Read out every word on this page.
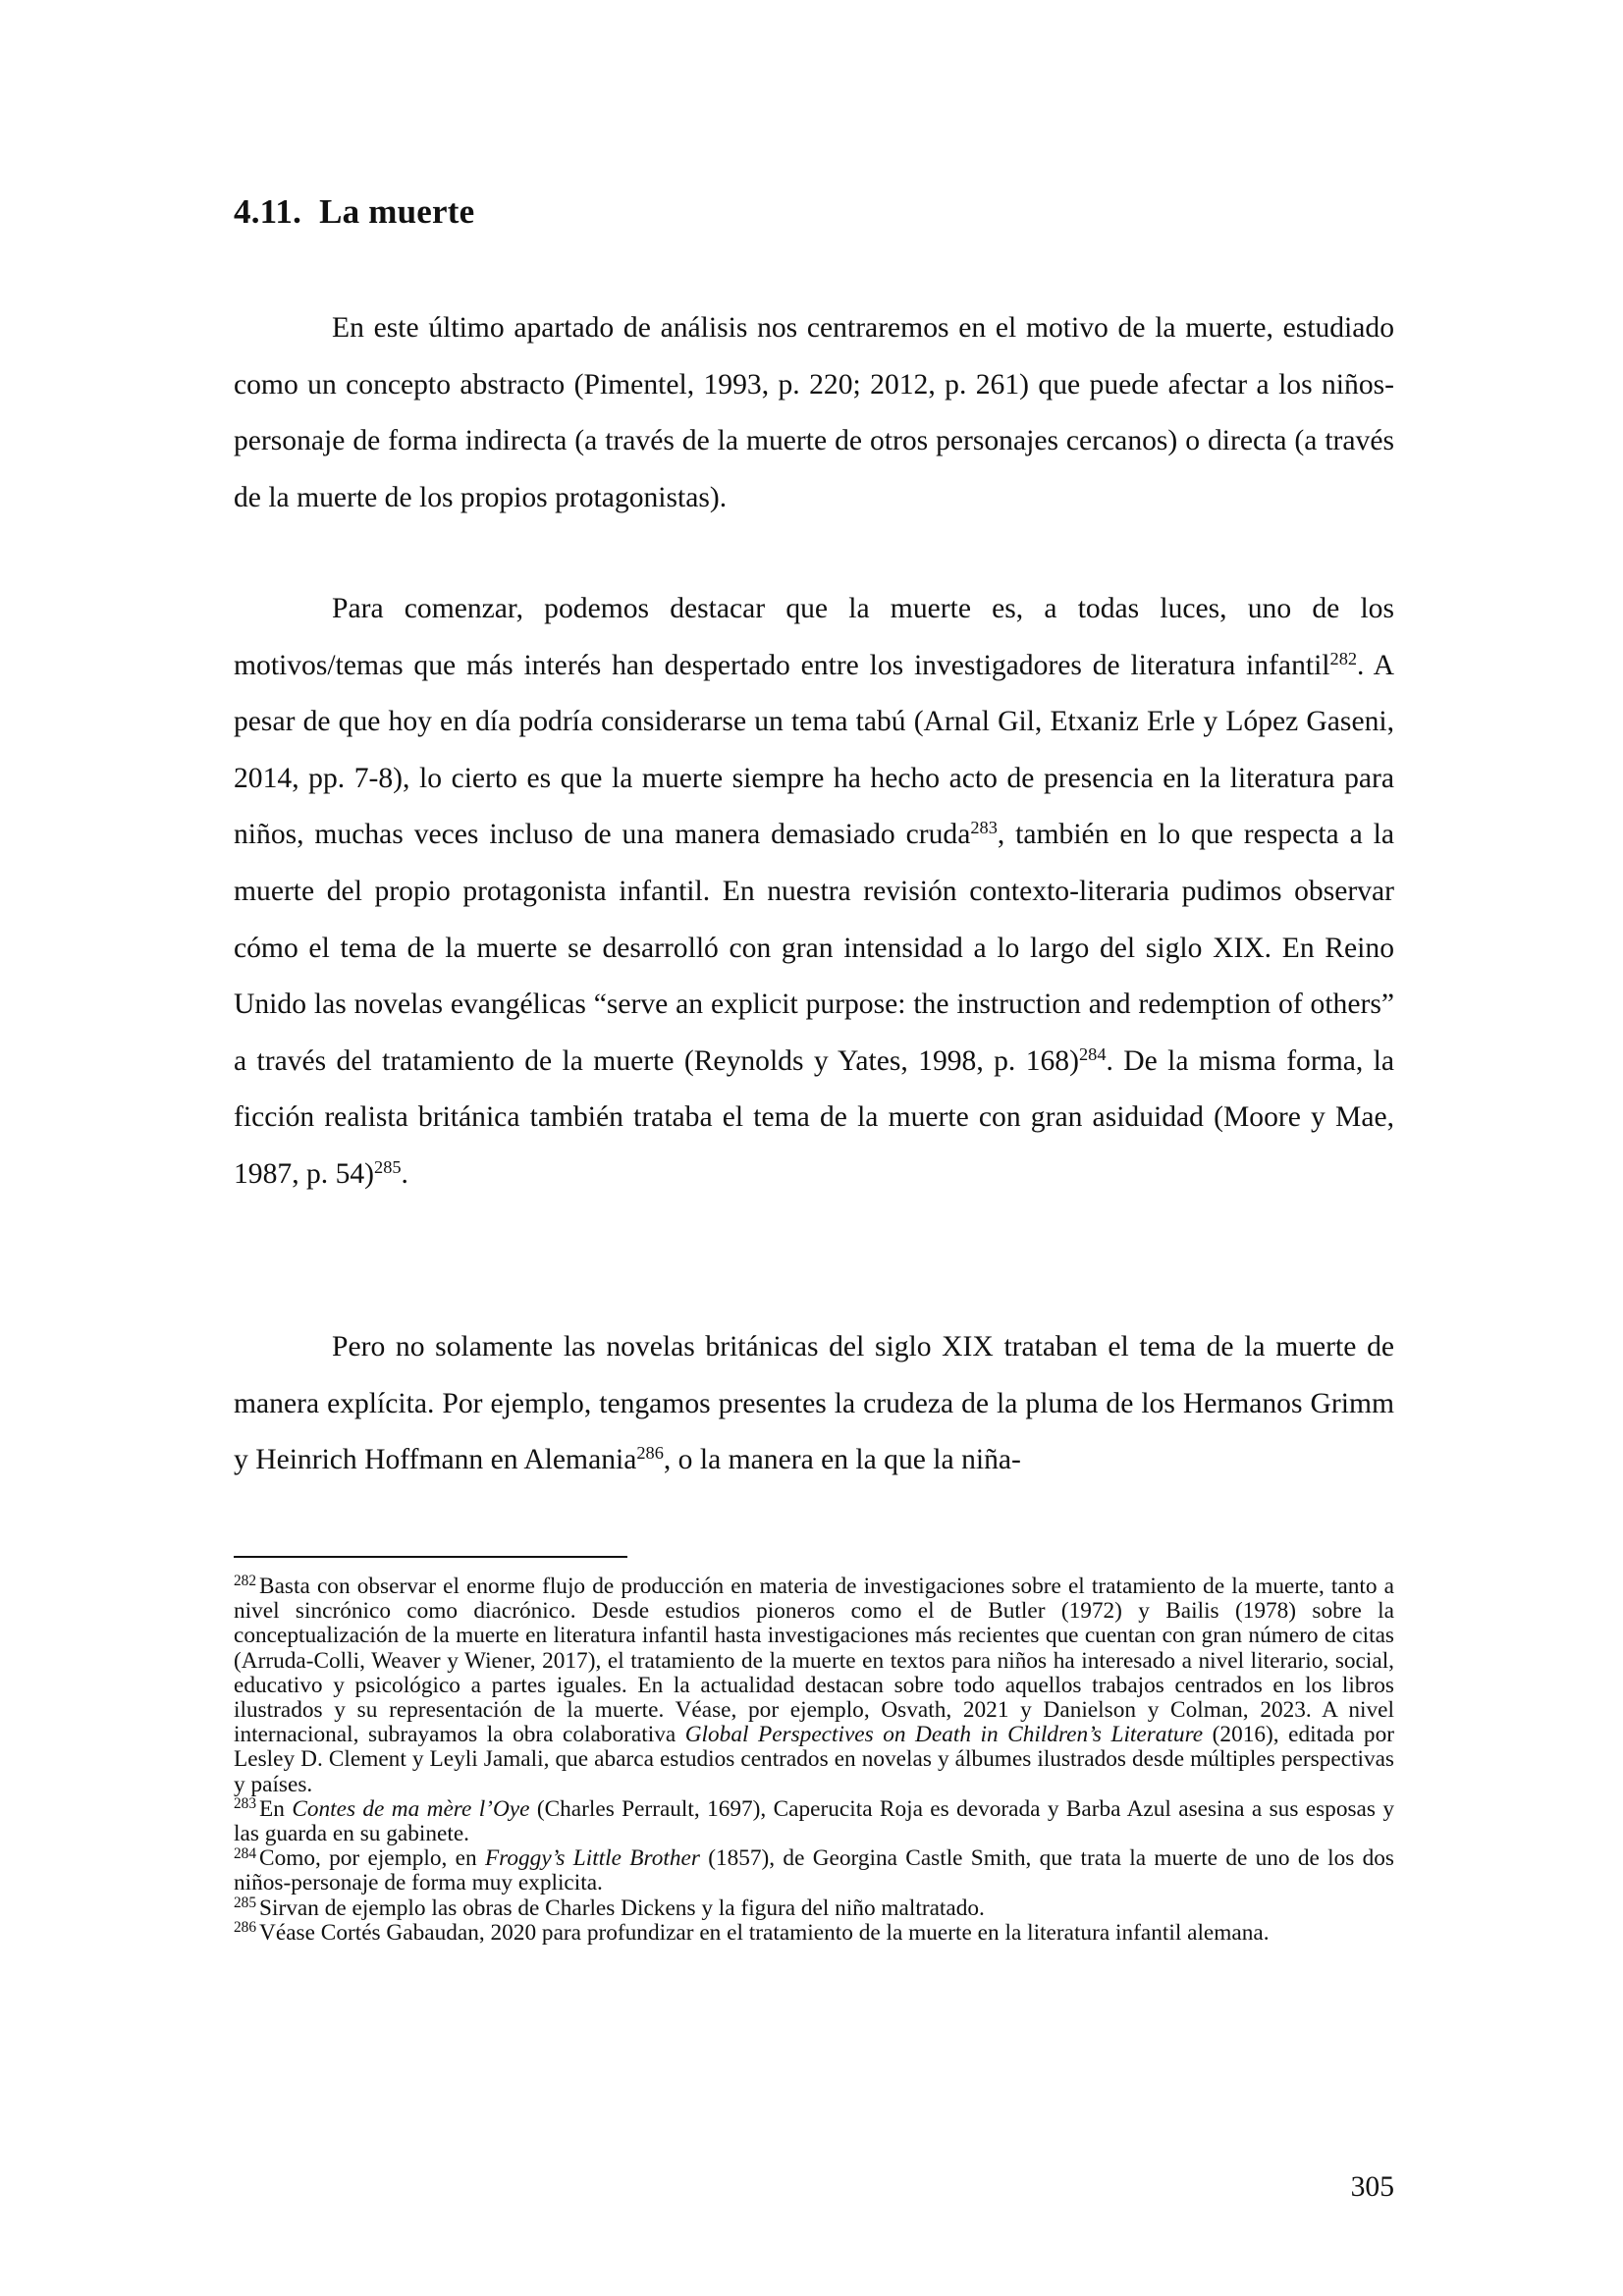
4.11. La muerte

En este último apartado de análisis nos centraremos en el motivo de la muerte, estudiado como un concepto abstracto (Pimentel, 1993, p. 220; 2012, p. 261) que puede afectar a los niños-personaje de forma indirecta (a través de la muerte de otros personajes cercanos) o directa (a través de la muerte de los propios protagonistas).

Para comenzar, podemos destacar que la muerte es, a todas luces, uno de los motivos/temas que más interés han despertado entre los investigadores de literatura infantil$^{282}$. A pesar de que hoy en día podría considerarse un tema tabú (Arnal Gil, Etxaniz Erle y López Gaseni, 2014, pp. 7-8), lo cierto es que la muerte siempre ha hecho acto de presencia en la literatura para niños, muchas veces incluso de una manera demasiado cruda$^{283}$, también en lo que respecta a la muerte del propio protagonista infantil. En nuestra revisión contexto-literaria pudimos observar cómo el tema de la muerte se desarrolló con gran intensidad a lo largo del siglo XIX. En Reino Unido las novelas evangélicas “serve an explicit purpose: the instruction and redemption of others” a través del tratamiento de la muerte (Reynolds y Yates, 1998, p. 168)$^{284}$. De la misma forma, la ficción realista británica también trataba el tema de la muerte con gran asiduidad (Moore y Mae, 1987, p. 54)$^{285}$.

Pero no solamente las novelas británicas del siglo XIX trataban el tema de la muerte de manera explícita. Por ejemplo, tengamos presentes la crudeza de la pluma de los Hermanos Grimm y Heinrich Hoffmann en Alemania$^{286}$, o la manera en la que la niña-

$^{282}$ Basta con observar el enorme flujo de producción en materia de investigaciones sobre el tratamiento de la muerte, tanto a nivel sincrónico como diacrónico. Desde estudios pioneros como el de Butler (1972) y Bailis (1978) sobre la conceptualización de la muerte en literatura infantil hasta investigaciones más recientes que cuentan con gran número de citas (Arruda-Colli, Weaver y Wiener, 2017), el tratamiento de la muerte en textos para niños ha interesado a nivel literario, social, educativo y psicológico a partes iguales. En la actualidad destacan sobre todo aquellos trabajos centrados en los libros ilustrados y su representación de la muerte. Véase, por ejemplo, Osvath, 2021 y Danielson y Colman, 2023. A nivel internacional, subrayamos la obra colaborativa Global Perspectives on Death in Children’s Literature (2016), editada por Lesley D. Clement y Leyli Jamali, que abarca estudios centrados en novelas y álbumes ilustrados desde múltiples perspectivas y países.

$^{283}$ En Contes de ma mère l’Oye (Charles Perrault, 1697), Caperucita Roja es devorada y Barba Azul asesina a sus esposas y las guarda en su gabinete.

$^{284}$ Como, por ejemplo, en Froggy’s Little Brother (1857), de Georgina Castle Smith, que trata la muerte de uno de los dos niños-personaje de forma muy explicita.

$^{285}$ Sirvan de ejemplo las obras de Charles Dickens y la figura del niño maltratado.

$^{286}$ Véase Cortés Gabaudan, 2020 para profundizar en el tratamiento de la muerte en la literatura infantil alemana.

305
